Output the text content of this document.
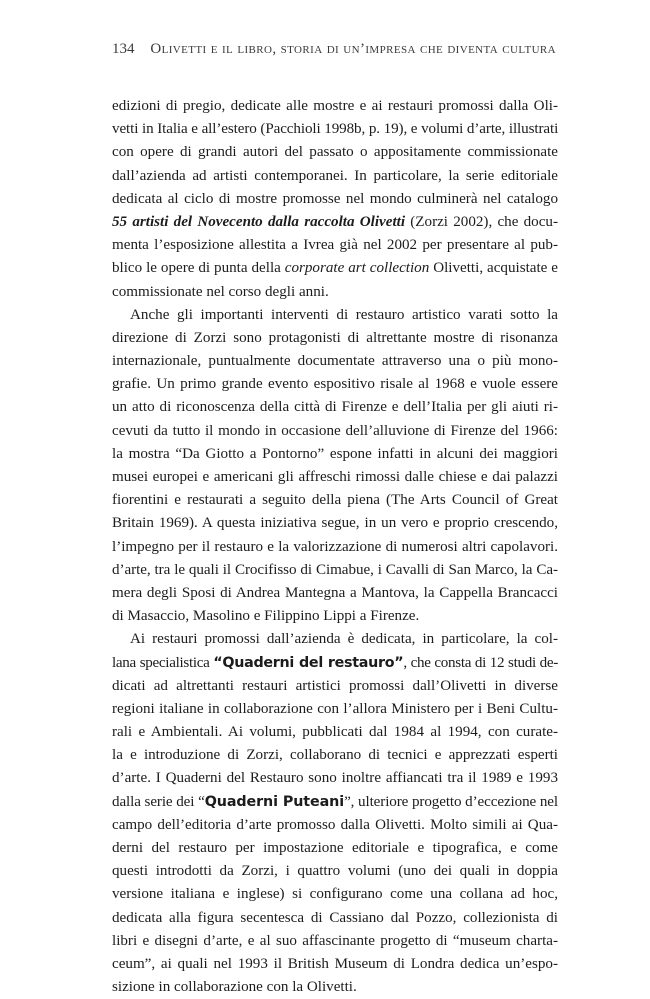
134 Olivetti e il libro, storia di un’impresa che diventa cultura
edizioni di pregio, dedicate alle mostre e ai restauri promossi dalla Oli-
vetti in Italia e all’estero (Pacchioli 1998b, p. 19), e volumi d’arte, illustrati
con opere di grandi autori del passato o appositamente commissionate
dall’azienda ad artisti contemporanei. In particolare, la serie editoriale
dedicata al ciclo di mostre promosse nel mondo culminerà nel catalogo
55 artisti del Novecento dalla raccolta Olivetti (Zorzi 2002), che docu-
menta l’esposizione allestita a Ivrea già nel 2002 per presentare al pub-
blico le opere di punta della corporate art collection Olivetti, acquistate e
commissionate nel corso degli anni.
Anche gli importanti interventi di restauro artistico varati sotto la
direzione di Zorzi sono protagonisti di altrettante mostre di risonanza
internazionale, puntualmente documentate attraverso una o più mono-
grafie. Un primo grande evento espositivo risale al 1968 e vuole essere
un atto di riconoscenza della città di Firenze e dell’Italia per gli aiuti ri-
cevuti da tutto il mondo in occasione dell’alluvione di Firenze del 1966:
la mostra “Da Giotto a Pontorno” espone infatti in alcuni dei maggiori
musei europei e americani gli affreschi rimossi dalle chiese e dai palazzi
fiorentini e restaurati a seguito della piena (The Arts Council of Great
Britain 1969). A questa iniziativa segue, in un vero e proprio crescendo,
l’impegno per il restauro e la valorizzazione di numerosi altri capolavori.
d’arte, tra le quali il Crocifisso di Cimabue, i Cavalli di San Marco, la Ca-
mera degli Sposi di Andrea Mantegna a Mantova, la Cappella Brancacci
di Masaccio, Masolino e Filippino Lippi a Firenze.
Ai restauri promossi dall’azienda è dedicata, in particolare, la col-
lana specialistica “Quaderni del restauro”, che consta di 12 studi de-
dicati ad altrettanti restauri artistici promossi dall’Olivetti in diverse
regioni italiane in collaborazione con l’allora Ministero per i Beni Cultu-
rali e Ambientali. Ai volumi, pubblicati dal 1984 al 1994, con curate-
la e introduzione di Zorzi, collaborano di tecnici e apprezzati esperti
d’arte. I Quaderni del Restauro sono inoltre affiancati tra il 1989 e 1993
dalla serie dei “Quaderni Puteani”, ulteriore progetto d’eccezione nel
campo dell’editoria d’arte promosso dalla Olivetti. Molto simili ai Qua-
derni del restauro per impostazione editoriale e tipografica, e come
questi introdotti da Zorzi, i quattro volumi (uno dei quali in doppia
versione italiana e inglese) si configurano come una collana ad hoc,
dedicata alla figura secentesca di Cassiano dal Pozzo, collezionista di
libri e disegni d’arte, e al suo affascinante progetto di “museum charta-
ceum”, ai quali nel 1993 il British Museum di Londra dedica un’espo-
sizione in collaborazione con la Olivetti.
